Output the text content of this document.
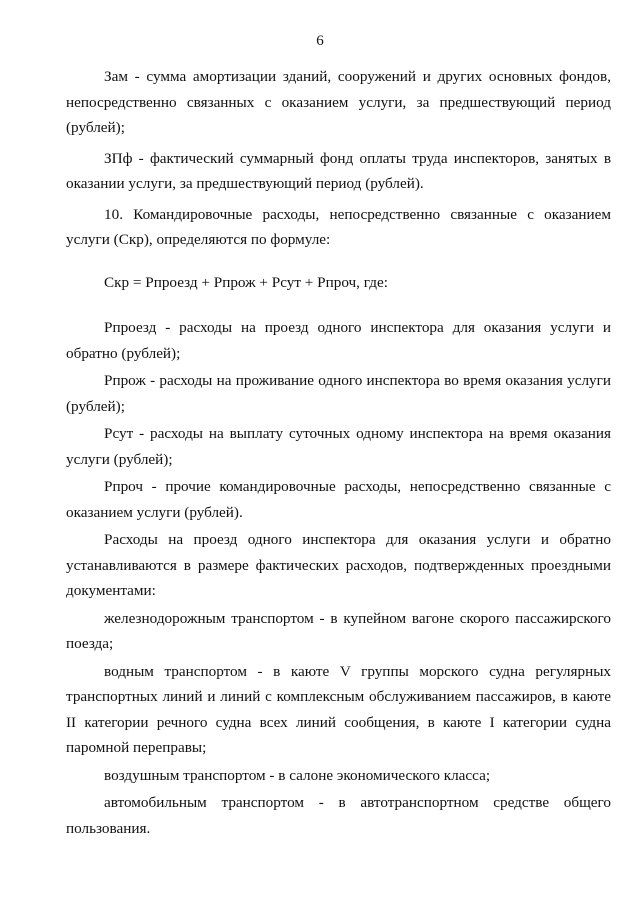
6

Зам - сумма амортизации зданий, сооружений и других основных фондов, непосредственно связанных с оказанием услуги, за предшествующий период (рублей);

ЗПф - фактический суммарный фонд оплаты труда инспекторов, занятых в оказании услуги, за предшествующий период (рублей).

10. Командировочные расходы, непосредственно связанные с оказанием услуги (Скр), определяются по формуле:

Скр = Рпроезд + Рпрож + Рсут + Рпроч, где:

Рпроезд - расходы на проезд одного инспектора для оказания услуги и обратно (рублей);

Рпрож - расходы на проживание одного инспектора во время оказания услуги (рублей);

Рсут - расходы на выплату суточных одному инспектора на время оказания услуги (рублей);

Рпроч - прочие командировочные расходы, непосредственно связанные с оказанием услуги (рублей).

Расходы на проезд одного инспектора для оказания услуги и обратно устанавливаются в размере фактических расходов, подтвержденных проездными документами:

железнодорожным транспортом - в купейном вагоне скорого пассажирского поезда;

водным транспортом - в каюте V группы морского судна регулярных транспортных линий и линий с комплексным обслуживанием пассажиров, в каюте II категории речного судна всех линий сообщения, в каюте I категории судна паромной переправы;

воздушным транспортом - в салоне экономического класса;

автомобильным транспортом - в автотранспортном средстве общего пользования.
